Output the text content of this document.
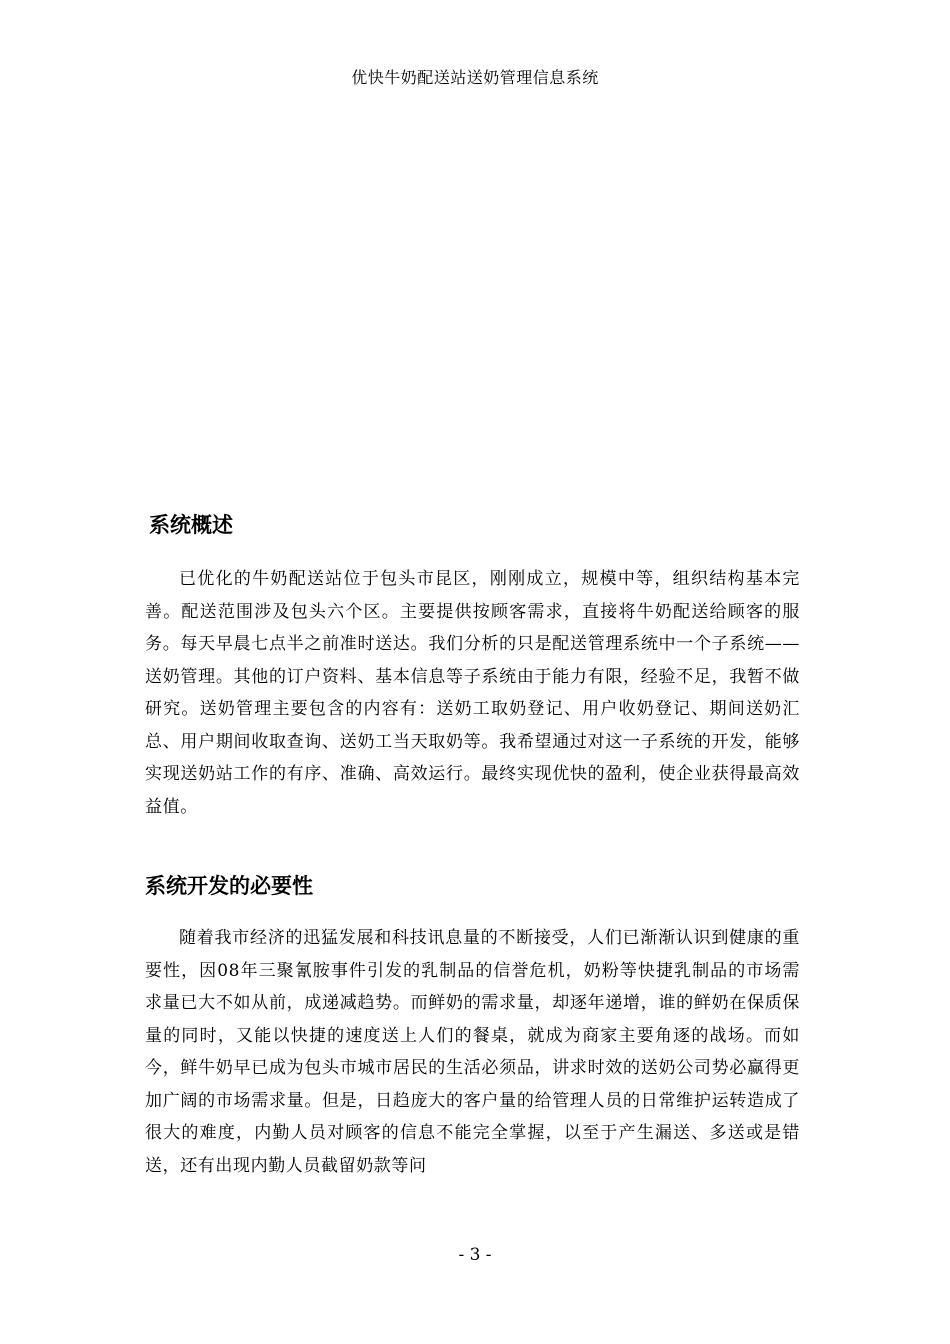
优快牛奶配送站送奶管理信息系统
系统概述

已优化的牛奶配送站位于包头市昆区，刚刚成立，规模中等，组织结构基本完善。配送范围涉及包头六个区。主要提供按顾客需求，直接将牛奶配送给顾客的服务。每天早晨七点半之前准时送达。我们分析的只是配送管理系统中一个子系统——送奶管理。其他的订户资料、基本信息等子系统由于能力有限，经验不足，我暂不做研究。送奶管理主要包含的内容有：送奶工取奶登记、用户收奶登记、期间送奶汇总、用户期间收取查询、送奶工当天取奶等。我希望通过对这一子系统的开发，能够实现送奶站工作的有序、准确、高效运行。最终实现优快的盈利，使企业获得最高效益值。

系统开发的必要性

随着我市经济的迅猛发展和科技讯息量的不断接受，人们已渐渐认识到健康的重要性，因08年三聚氰胺事件引发的乳制品的信誉危机，奶粉等快捷乳制品的市场需求量已大不如从前，成递减趋势。而鲜奶的需求量，却逐年递增，谁的鲜奶在保质保量的同时，又能以快捷的速度送上人们的餐桌，就成为商家主要角逐的战场。而如今，鲜牛奶早已成为包头市城市居民的生活必须品，讲求时效的送奶公司势必赢得更加广阔的市场需求量。但是，日趋庞大的客户量的给管理人员的日常维护运转造成了很大的难度，内勤人员对顾客的信息不能完全掌握，以至于产生漏送、多送或是错送，还有出现内勤人员截留奶款等问

- 3 -
